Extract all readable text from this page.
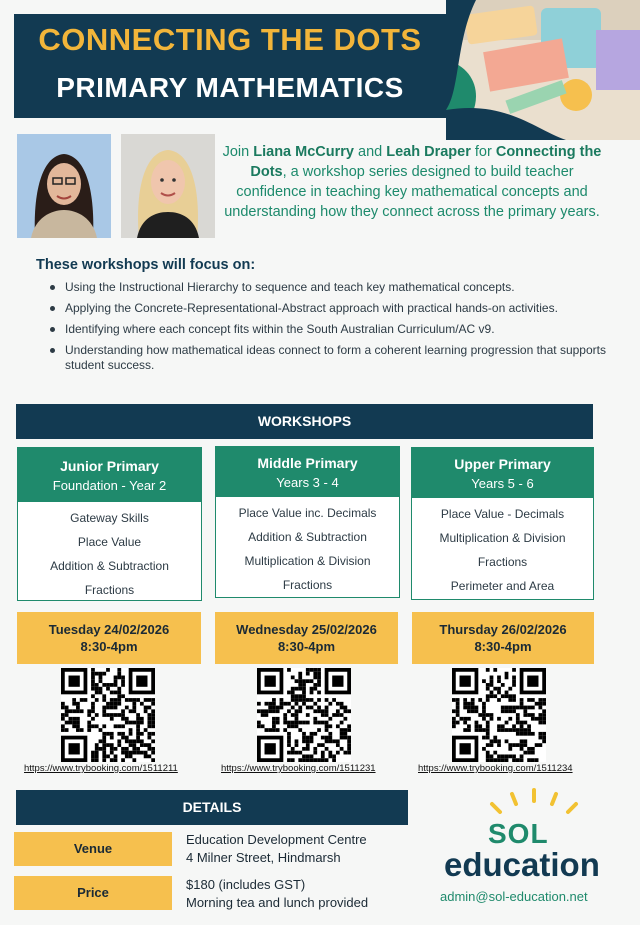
CONNECTING THE DOTS
PRIMARY MATHEMATICS
Join Liana McCurry and Leah Draper for Connecting the Dots, a workshop series designed to build teacher confidence in teaching key mathematical concepts and understanding how they connect across the primary years.
These workshops will focus on:
Using the Instructional Hierarchy to sequence and teach key mathematical concepts.
Applying the Concrete-Representational-Abstract approach with practical hands-on activities.
Identifying where each concept fits within the South Australian Curriculum/AC v9.
Understanding how mathematical ideas connect to form a coherent learning progression that supports student success.
WORKSHOPS
Junior Primary
Foundation - Year 2
Gateway Skills
Place Value
Addition & Subtraction
Fractions
Middle Primary
Years 3 - 4
Place Value inc. Decimals
Addition & Subtraction
Multiplication & Division
Fractions
Upper Primary
Years 5 - 6
Place Value - Decimals
Multiplication & Division
Fractions
Perimeter and Area
Tuesday 24/02/2026
8:30-4pm
Wednesday 25/02/2026
8:30-4pm
Thursday 26/02/2026
8:30-4pm
https://www.trybooking.com/1511211	https://www.trybooking.com/1511231	https://www.trybooking.com/1511234
DETAILS
Venue
Education Development Centre
4 Milner Street, Hindmarsh
Price
$180 (includes GST)
Morning tea and lunch provided
SOL
education
admin@sol-education.net
